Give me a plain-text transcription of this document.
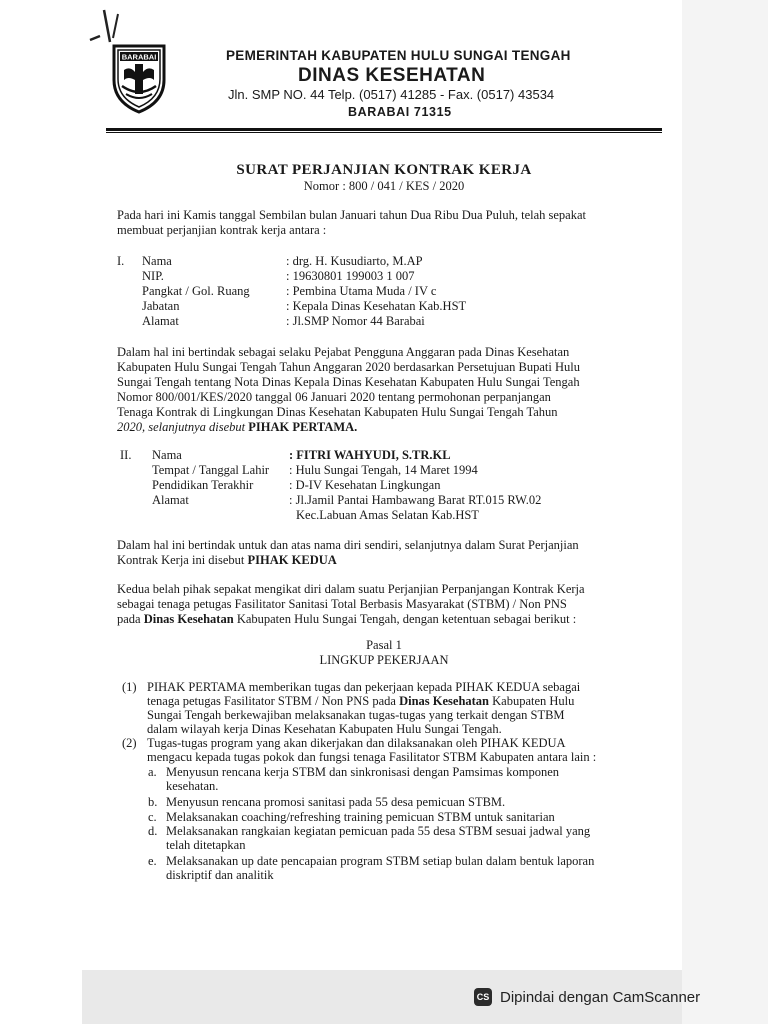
BARABAI	PEMERINTAH KABUPATEN HULU SUNGAI TENGAH
DINAS KESEHATAN
Jln. SMP NO. 44 Telp. (0517) 41285 - Fax. (0517) 43534
BARABAI 71315
SURAT PERJANJIAN KONTRAK KERJA
Nomor : 800 / 041 / KES / 2020
Pada hari ini Kamis tanggal Sembilan bulan Januari tahun Dua Ribu Dua Puluh, telah sepakat
membuat perjanjian kontrak kerja antara :
I. Nama	: drg. H. Kusudiarto, M.AP
NIP.	: 19630801 199003 1 007
Pangkat / Gol. Ruang	: Pembina Utama Muda / IV c
Jabatan	: Kepala Dinas Kesehatan Kab.HST
Alamat	: Jl.SMP Nomor 44 Barabai
Dalam hal ini bertindak sebagai selaku Pejabat Pengguna Anggaran pada Dinas Kesehatan
Kabupaten Hulu Sungai Tengah Tahun Anggaran 2020 berdasarkan Persetujuan Bupati Hulu
Sungai Tengah tentang Nota Dinas Kepala Dinas Kesehatan Kabupaten Hulu Sungai Tengah
Nomor 800/001/KES/2020 tanggal 06 Januari 2020 tentang permohonan perpanjangan
Tenaga Kontrak di Lingkungan Dinas Kesehatan Kabupaten Hulu Sungai Tengah Tahun
2020, selanjutnya disebut PIHAK PERTAMA.
II. Nama	: FITRI WAHYUDI, S.TR.KL
Tempat / Tanggal Lahir : Hulu Sungai Tengah, 14 Maret 1994
Pendidikan Terakhir	: D-IV Kesehatan Lingkungan
Alamat	: Jl.Jamil Pantai Hambawang Barat RT.015 RW.02
Kec.Labuan Amas Selatan Kab.HST
Dalam hal ini bertindak untuk dan atas nama diri sendiri, selanjutnya dalam Surat Perjanjian
Kontrak Kerja ini disebut PIHAK KEDUA
Kedua belah pihak sepakat mengikat diri dalam suatu Perjanjian Perpanjangan Kontrak Kerja
sebagai tenaga petugas Fasilitator Sanitasi Total Berbasis Masyarakat (STBM) / Non PNS
pada Dinas Kesehatan Kabupaten Hulu Sungai Tengah, dengan ketentuan sebagai berikut :
Pasal 1
LINGKUP PEKERJAAN
(1) PIHAK PERTAMA memberikan tugas dan pekerjaan kepada PIHAK KEDUA sebagai
tenaga petugas Fasilitator STBM / Non PNS pada Dinas Kesehatan Kabupaten Hulu
Sungai Tengah berkewajiban melaksanakan tugas-tugas yang terkait dengan STBM
dalam wilayah kerja Dinas Kesehatan Kabupaten Hulu Sungai Tengah.
(2) Tugas-tugas program yang akan dikerjakan dan dilaksanakan oleh PIHAK KEDUA
mengacu kepada tugas pokok dan fungsi tenaga Fasilitator STBM Kabupaten antara lain :
a. Menyusun rencana kerja STBM dan sinkronisasi dengan Pamsimas komponen
kesehatan.
b. Menyusun rencana promosi sanitasi pada 55 desa pemicuan STBM.
c. Melaksanakan coaching/refreshing training pemicuan STBM untuk sanitarian
d. Melaksanakan rangkaian kegiatan pemicuan pada 55 desa STBM sesuai jadwal yang
telah ditetapkan
e. Melaksanakan up date pencapaian program STBM setiap bulan dalam bentuk laporan
diskriptif dan analitik
CS Dipindai dengan CamScanner
